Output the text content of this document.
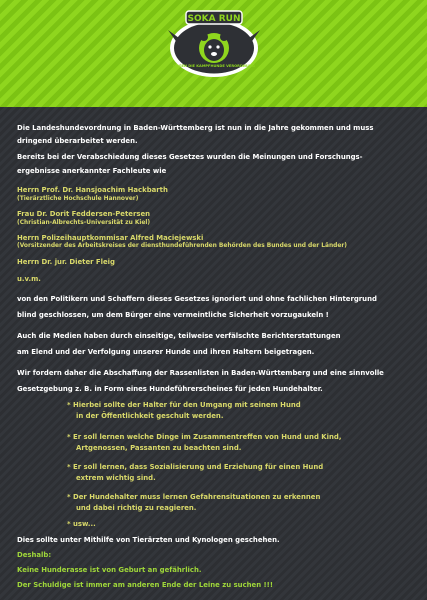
SOKA RUN
GEGEN DIE KAMPFHUNDE VERORDNUNG

Die Landeshundevordnung in Baden-Württemberg ist nun in die Jahre gekommen und muss

dringend überarbeitet werden.

Bereits bei der Verabschiedung dieses Gesetzes wurden die Meinungen und Forschungs-

ergebnisse anerkannter Fachleute wie

Herrn Prof. Dr. Hansjoachim Hackbarth

(Tierärztliche Hochschule Hannover)

Frau Dr. Dorit Feddersen-Petersen

(Christian-Albrechts-Universität zu Kiel)

Herrn Polizeihauptkommisar Alfred Maciejewski

(Vorsitzender des Arbeitskreises der diensthundeführenden Behörden des Bundes und der Länder)

Herrn Dr. jur. Dieter Fleig

u.v.m.

von den Politikern und Schaffern dieses Gesetzes ignoriert und ohne fachlichen Hintergrund

blind geschlossen, um dem Bürger eine vermeintliche Sicherheit vorzugaukeln !

Auch die Medien haben durch einseitige, teilweise verfälschte Berichterstattungen

am Elend und der Verfolgung unserer Hunde und ihren Haltern beigetragen.

Wir fordern daher die Abschaffung der Rassenlisten in Baden-Württemberg und eine sinnvolle

Gesetzgebung z. B. in Form eines Hundeführerscheines für jeden Hundehalter.

* Hierbei sollte der Halter für den Umgang mit seinem Hund

in der Öffentlichkeit geschult werden.

* Er soll lernen welche Dinge im Zusammentreffen von Hund und Kind,

Artgenossen, Passanten zu beachten sind.

* Er soll lernen, dass Sozialisierung und Erziehung für einen Hund

extrem wichtig sind.

* Der Hundehalter muss lernen Gefahrensituationen zu erkennen

und dabei richtig zu reagieren.

* usw...

Dies sollte unter Mithilfe von Tierärzten und Kynologen geschehen.

Deshalb:

Keine Hunderasse ist von Geburt an gefährlich.

Der Schuldige ist immer am anderen Ende der Leine zu suchen !!!
